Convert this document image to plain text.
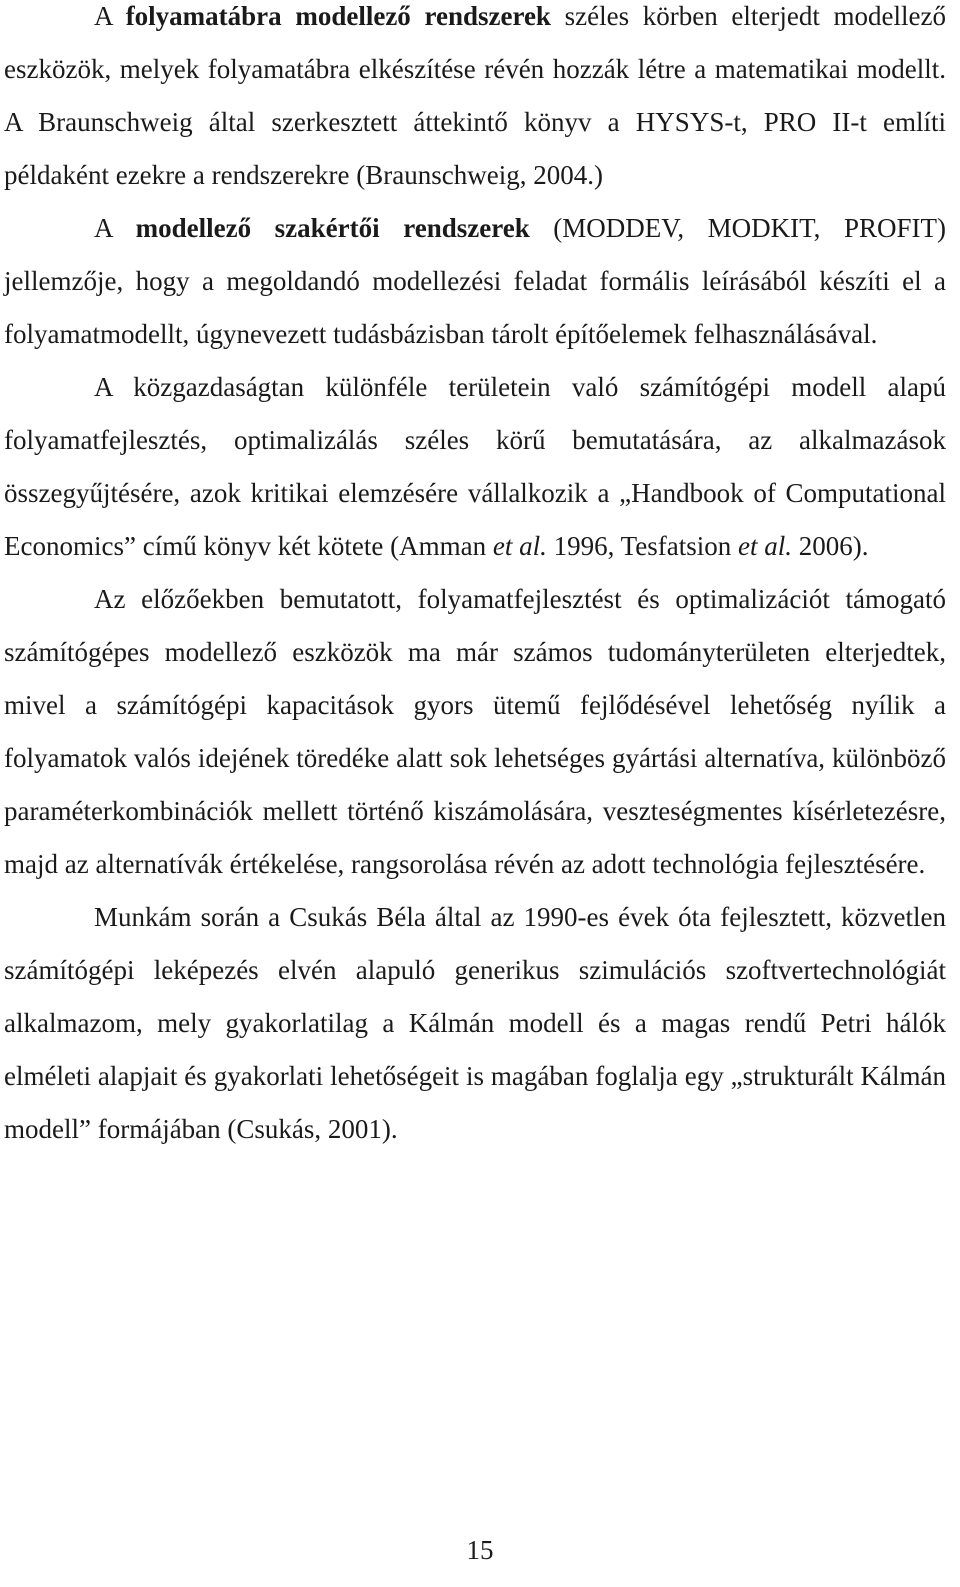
A folyamatábra modellező rendszerek széles körben elterjedt modellező eszközök, melyek folyamatábra elkészítése révén hozzák létre a matematikai modellt. A Braunschweig által szerkesztett áttekintő könyv a HYSYS-t, PRO II-t említi példaként ezekre a rendszerekre (Braunschweig, 2004.)

A modellező szakértői rendszerek (MODDEV, MODKIT, PROFIT) jellemzője, hogy a megoldandó modellezési feladat formális leírásából készíti el a folyamatmodellt, úgynevezett tudásbázisban tárolt építőelemek felhasználásával.

A közgazdaságtan különféle területein való számítógépi modell alapú folyamatfejlesztés, optimalizálás széles körű bemutatására, az alkalmazások összegyűjtésére, azok kritikai elemzésére vállalkozik a „Handbook of Computational Economics” című könyv két kötete (Amman et al. 1996, Tesfatsion et al. 2006).

Az előzőekben bemutatott, folyamatfejlesztést és optimalizációt támogató számítógépes modellező eszközök ma már számos tudományterületen elterjedtek, mivel a számítógépi kapacitások gyors ütemű fejlődésével lehetőség nyílik a folyamatok valós idejének töredéke alatt sok lehetséges gyártási alternatíva, különböző paraméterkombinációk mellett történő kiszámolására, veszteségmentes kísérletezésre, majd az alternatívák értékelése, rangsorolása révén az adott technológia fejlesztésére.

Munkám során a Csukás Béla által az 1990-es évek óta fejlesztett, közvetlen számítógépi leképezés elvén alapuló generikus szimulációs szoftvertechnológiát alkalmazom, mely gyakorlatilag a Kálmán modell és a magas rendű Petri hálók elméleti alapjait és gyakorlati lehetőségeit is magában foglalja egy „strukturált Kálmán modell” formájában (Csukás, 2001).

15
